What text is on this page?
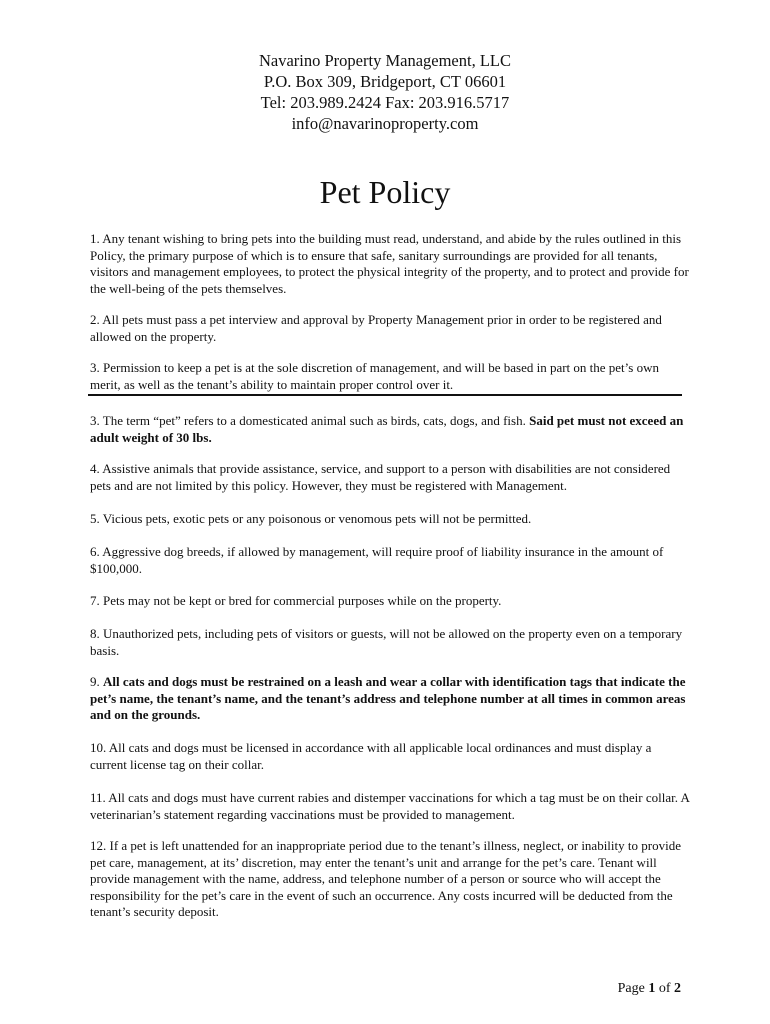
Navarino Property Management, LLC
P.O. Box 309, Bridgeport, CT 06601
Tel: 203.989.2424 Fax: 203.916.5717
info@navarinoproperty.com
Pet Policy
1. Any tenant wishing to bring pets into the building must read, understand, and abide by the rules outlined in this Policy, the primary purpose of which is to ensure that safe, sanitary surroundings are provided for all tenants, visitors and management employees, to protect the physical integrity of the property, and to protect and provide for the well-being of the pets themselves.
2. All pets must pass a pet interview and approval by Property Management prior in order to be registered and allowed on the property.
3. Permission to keep a pet is at the sole discretion of management, and will be based in part on the pet’s own merit, as well as the tenant’s ability to maintain proper control over it.
3. The term “pet” refers to a domesticated animal such as birds, cats, dogs, and fish. Said pet must not exceed an adult weight of 30 lbs.
4. Assistive animals that provide assistance, service, and support to a person with disabilities are not considered pets and are not limited by this policy. However, they must be registered with Management.
5. Vicious pets, exotic pets or any poisonous or venomous pets will not be permitted.
6. Aggressive dog breeds, if allowed by management, will require proof of liability insurance in the amount of $100,000.
7. Pets may not be kept or bred for commercial purposes while on the property.
8. Unauthorized pets, including pets of visitors or guests, will not be allowed on the property even on a temporary basis.
9. All cats and dogs must be restrained on a leash and wear a collar with identification tags that indicate the pet’s name, the tenant’s name, and the tenant’s address and telephone number at all times in common areas and on the grounds.
10. All cats and dogs must be licensed in accordance with all applicable local ordinances and must display a current license tag on their collar.
11. All cats and dogs must have current rabies and distemper vaccinations for which a tag must be on their collar. A veterinarian’s statement regarding vaccinations must be provided to management.
12. If a pet is left unattended for an inappropriate period due to the tenant’s illness, neglect, or inability to provide pet care, management, at its’ discretion, may enter the tenant’s unit and arrange for the pet’s care. Tenant will provide management with the name, address, and telephone number of a person or source who will accept the responsibility for the pet’s care in the event of such an occurrence. Any costs incurred will be deducted from the tenant’s security deposit.
Page 1 of 2
